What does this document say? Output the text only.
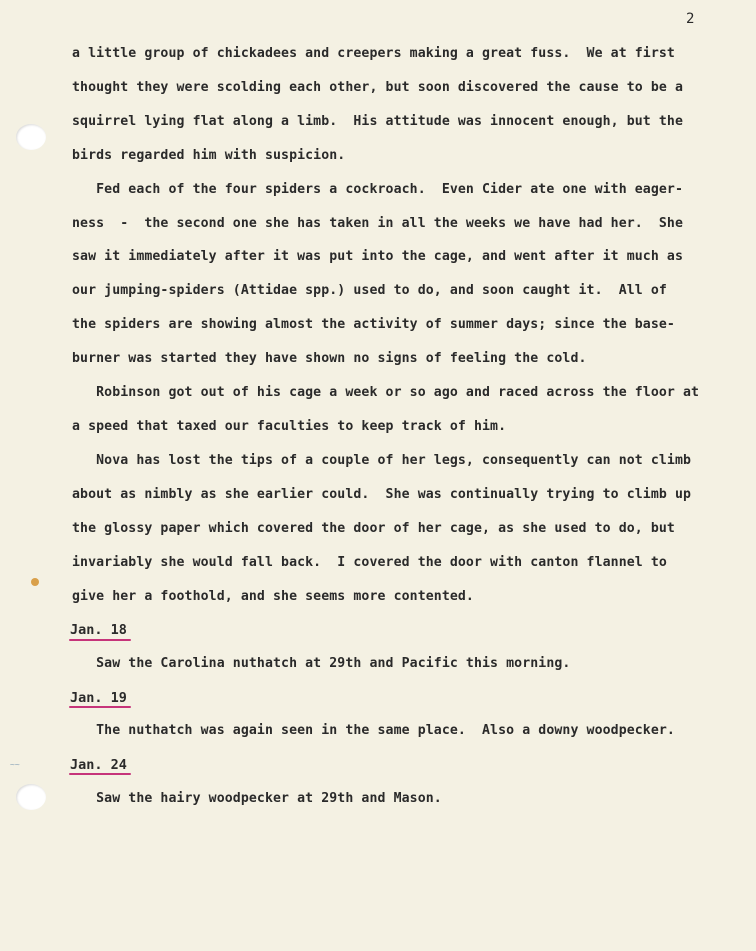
~~
2
a little group of chickadees and creepers making a great fuss.  We at first
thought they were scolding each other, but soon discovered the cause to be a
squirrel lying flat along a limb.  His attitude was innocent enough, but the
birds regarded him with suspicion.
Fed each of the four spiders a cockroach.  Even Cider ate one with eager-
ness  -  the second one she has taken in all the weeks we have had her.  She
saw it immediately after it was put into the cage, and went after it much as
our jumping-spiders (Attidae spp.) used to do, and soon caught it.  All of
the spiders are showing almost the activity of summer days; since the base-
burner was started they have shown no signs of feeling the cold.
Robinson got out of his cage a week or so ago and raced across the floor at
a speed that taxed our faculties to keep track of him.
Nova has lost the tips of a couple of her legs, consequently can not climb
about as nimbly as she earlier could.  She was continually trying to climb up
the glossy paper which covered the door of her cage, as she used to do, but
invariably she would fall back.  I covered the door with canton flannel to
give her a foothold, and she seems more contented.
Jan. 18
Saw the Carolina nuthatch at 29th and Pacific this morning.
Jan. 19
The nuthatch was again seen in the same place.  Also a downy woodpecker.
Jan. 24
Saw the hairy woodpecker at 29th and Mason.
